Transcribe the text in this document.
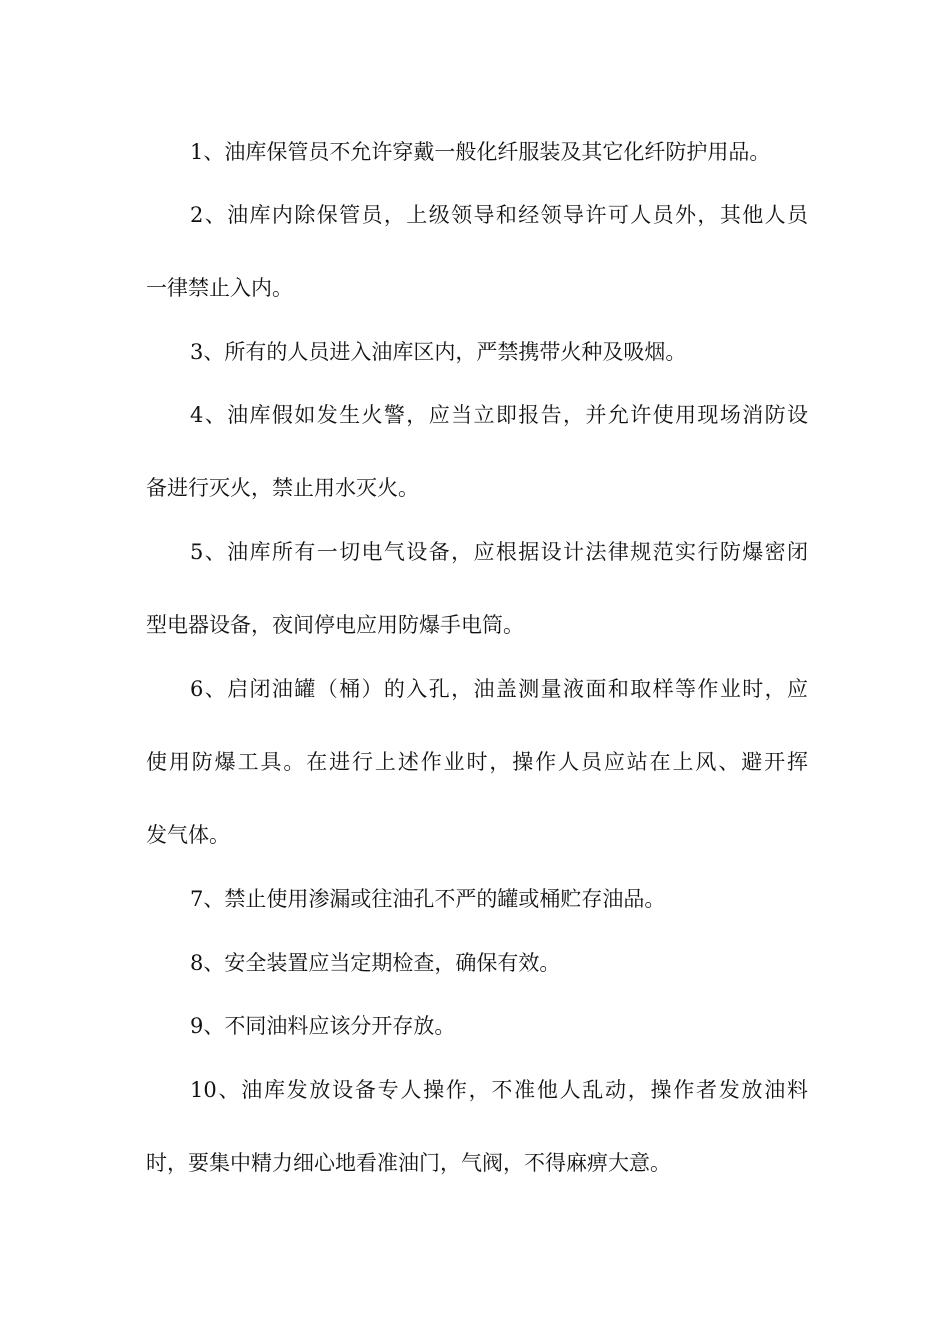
1、油库保管员不允许穿戴一般化纤服装及其它化纤防护用品。
2、油库内除保管员，上级领导和经领导许可人员外，其他人员
一律禁止入内。
3、所有的人员进入油库区内，严禁携带火种及吸烟。
4、油库假如发生火警，应当立即报告，并允许使用现场消防设
备进行灭火，禁止用水灭火。
5、油库所有一切电气设备，应根据设计法律规范实行防爆密闭
型电器设备，夜间停电应用防爆手电筒。
6、启闭油罐（桶）的入孔，油盖测量液面和取样等作业时，应
使用防爆工具。在进行上述作业时，操作人员应站在上风、避开挥
发气体。
7、禁止使用渗漏或往油孔不严的罐或桶贮存油品。
8、安全装置应当定期检查，确保有效。
9、不同油料应该分开存放。
10、油库发放设备专人操作，不准他人乱动，操作者发放油料
时，要集中精力细心地看准油门，气阀，不得麻痹大意。
